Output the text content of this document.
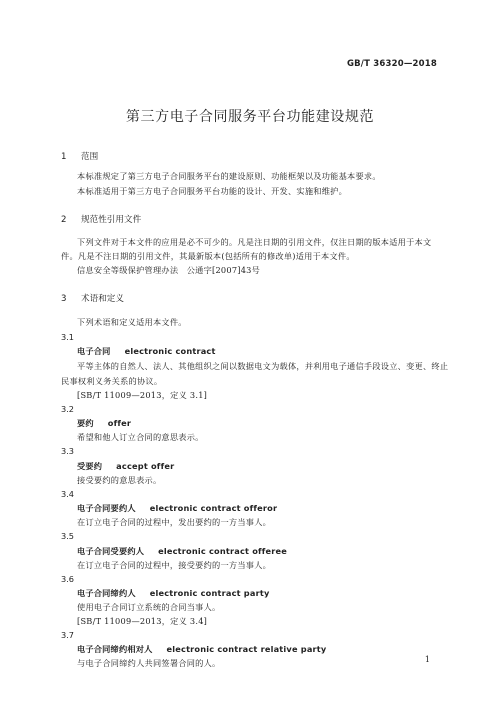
GB/T 36320—2018
第三方电子合同服务平台功能建设规范
1 范围
本标准规定了第三方电子合同服务平台的建设原则、功能框架以及功能基本要求。
本标准适用于第三方电子合同服务平台功能的设计、开发、实施和维护。
2 规范性引用文件
下列文件对于本文件的应用是必不可少的。凡是注日期的引用文件，仅注日期的版本适用于本文
件。凡是不注日期的引用文件，其最新版本(包括所有的修改单)适用于本文件。
信息安全等级保护管理办法　公通字[2007]43号
3 术语和定义
下列术语和定义适用本文件。
3.1
电子合同 electronic contract
平等主体的自然人、法人、其他组织之间以数据电文为载体，并利用电子通信手段设立、变更、终止
民事权利义务关系的协议。
[SB/T 11009—2013，定义 3.1]
3.2
要约 offer
希望和他人订立合同的意思表示。
3.3
受要约 accept offer
接受要约的意思表示。
3.4
电子合同要约人 electronic contract offeror
在订立电子合同的过程中，发出要约的一方当事人。
3.5
电子合同受要约人 electronic contract offeree
在订立电子合同的过程中，接受要约的一方当事人。
3.6
电子合同缔约人 electronic contract party
使用电子合同订立系统的合同当事人。
[SB/T 11009—2013，定义 3.4]
3.7
电子合同缔约相对人 electronic contract relative party
与电子合同缔约人共同签署合同的人。	1
